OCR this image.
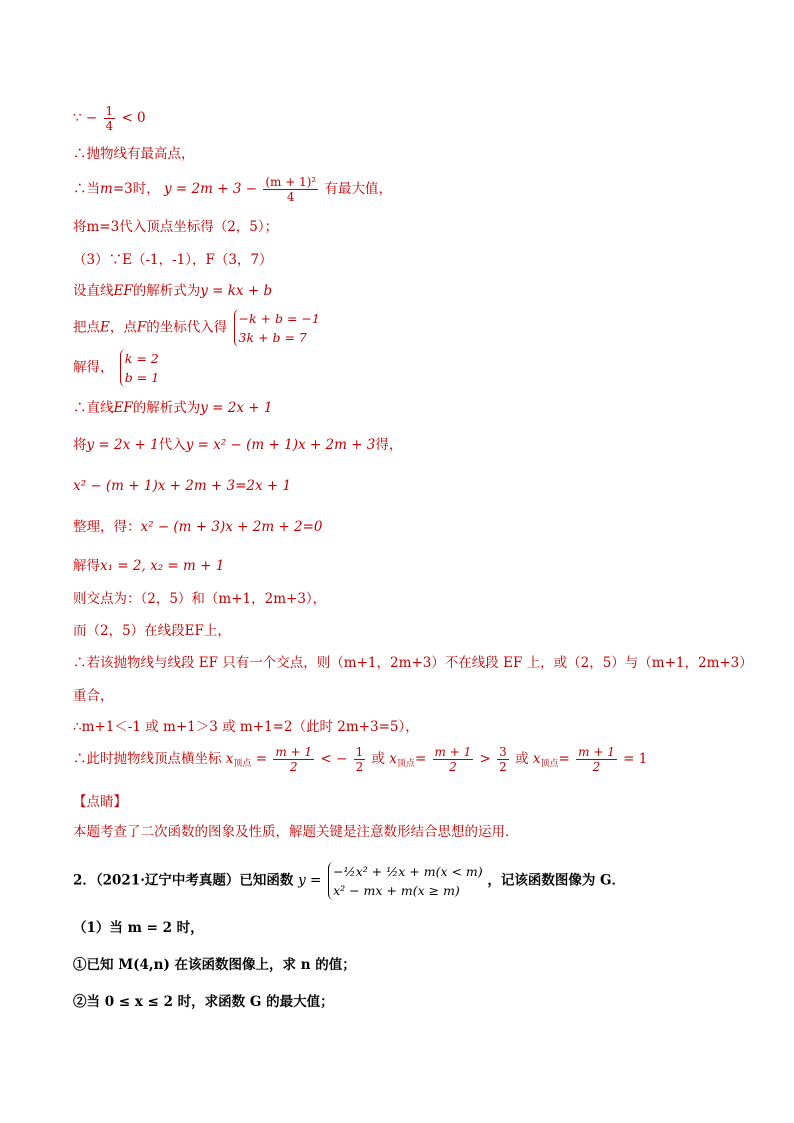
∵ − $\frac{1}{4} < 0$
∴抛物线有最高点，
∴当m=3时， $y = 2m + 3 - \frac{\text{(m + 1)²}}{4}$ 有最大值，
将m=3代入顶点坐标得（2，5）；
（3）∵E（-1，-1），F（3，7）
设直线EF的解析式为y = kx + b
把点E，点F的坐标代入得
−k + b = −1
3k + b = 7
解得，
k = 2
b = 1
∴直线EF的解析式为y = 2x + 1
将y = 2x + 1代入y = x² − (m + 1)x + 2m + 3得，
x² − (m + 1)x + 2m + 3=2x + 1
整理，得：x² − (m + 3)x + 2m + 2=0
解得x₁ = 2, x₂ = m + 1
则交点为：（2，5）和（m+1，2m+3），
而（2，5）在线段EF上，
∴若该抛物线与线段 EF 只有一个交点，则（m+1，2m+3）不在线段 EF 上，或（2，5）与（m+1，2m+3）
重合，
∴m+1＜-1 或 m+1＞3 或 m+1=2（此时 2m+3=5），
∴此时抛物线顶点横坐标 $x_{顶点} = \frac{m + 1}{2}$ < − $\frac{1}{2}$ 或 $x_{顶点}= \frac{m + 1}{2} > \frac{3}{2}$ 或 $x_{顶点}= \frac{m + 1}{2} = 1$
【点睛】
本题考查了二次函数的图象及性质，解题关键是注意数形结合思想的运用．
2．（2021·辽宁中考真题）已知函数 y =
−½x² + ½x + m(x < m)
x² − mx + m(x ≥ m)
，记该函数图像为 G．
（1）当 m = 2 时，
①已知 M(4,n) 在该函数图像上，求 n 的值；
②当 0 ≤ x ≤ 2 时，求函数 G 的最大值；
